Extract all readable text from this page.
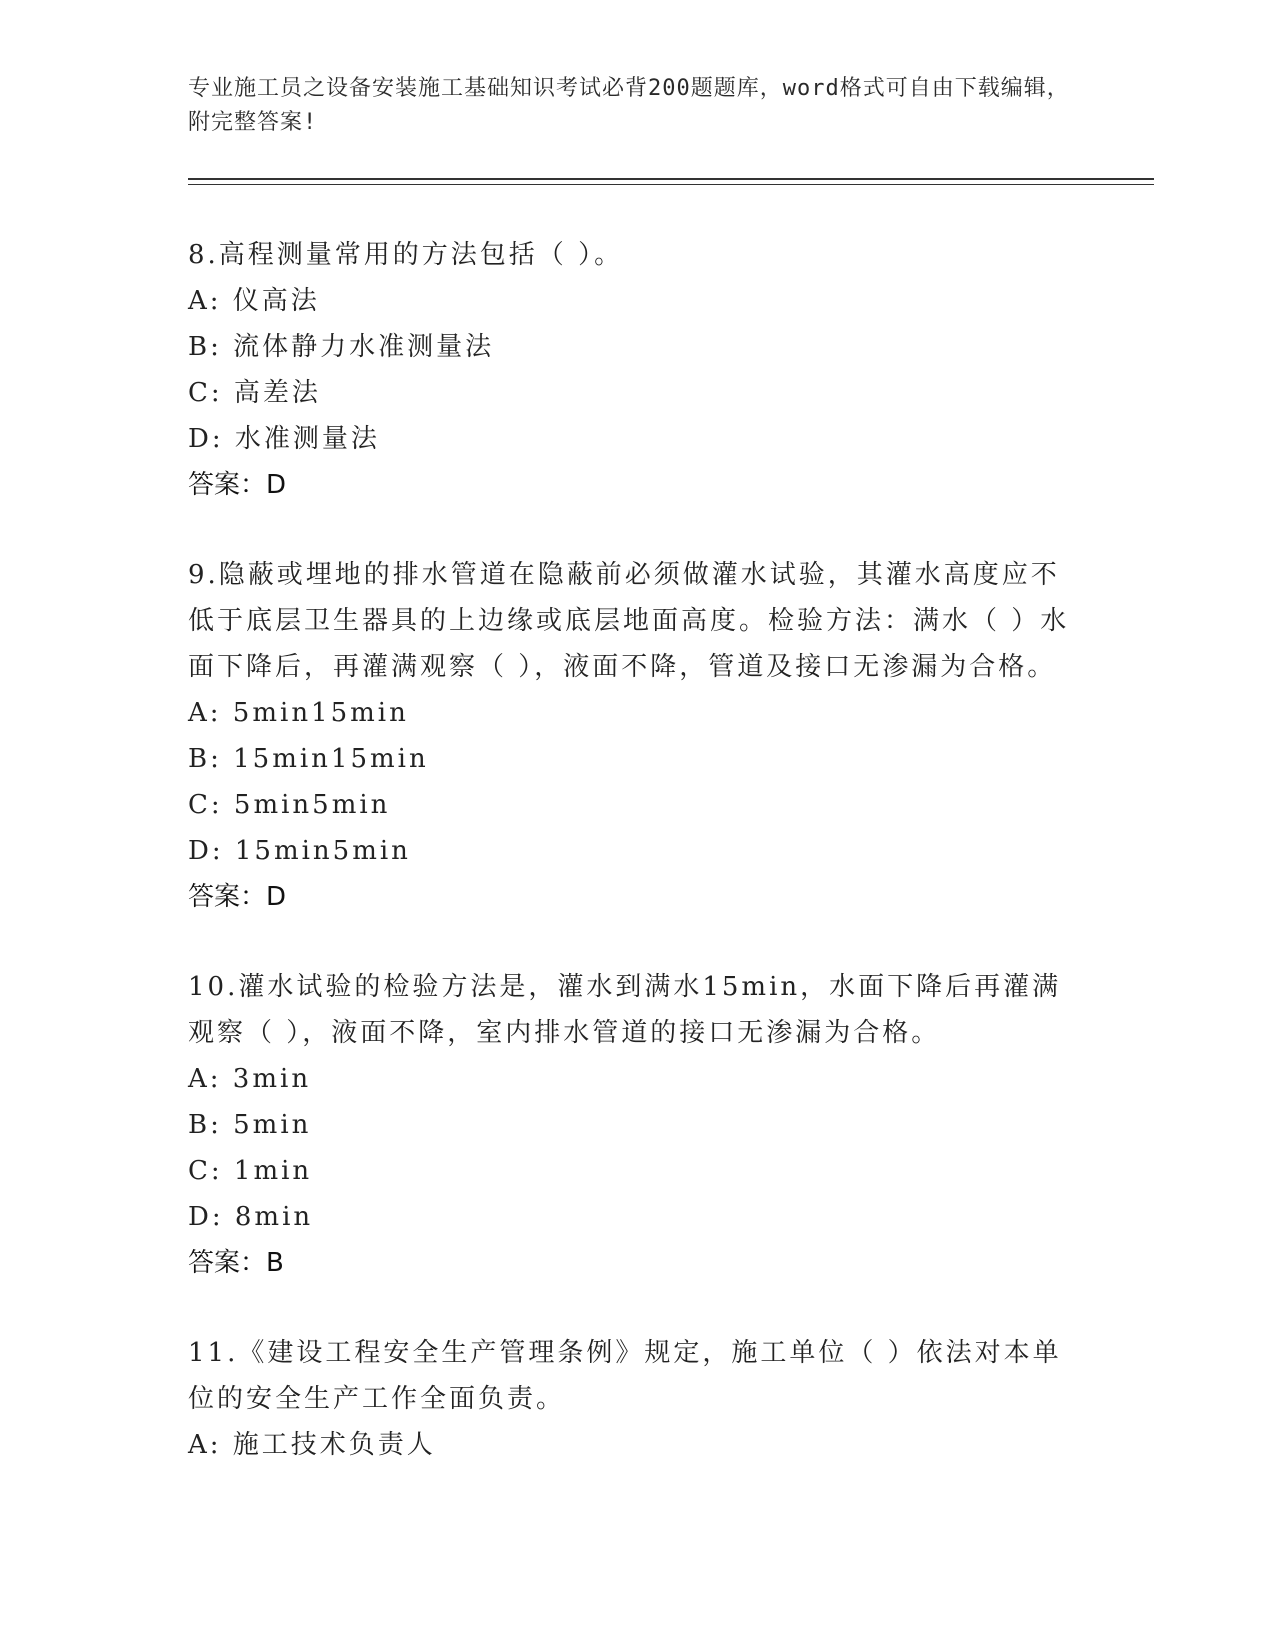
专业施工员之设备安装施工基础知识考试必背200题题库，word格式可自由下载编辑，附完整答案!

8.高程测量常用的方法包括（ ）。

A: 仪高法

B: 流体静力水准测量法

C: 高差法

D: 水准测量法

答案：D

9.隐蔽或埋地的排水管道在隐蔽前必须做灌水试验，其灌水高度应不低于底层卫生器具的上边缘或底层地面高度。检验方法：满水（ ）水面下降后，再灌满观察（ ），液面不降，管道及接口无渗漏为合格。

A: 5min15min

B: 15min15min

C: 5min5min

D: 15min5min

答案：D

10.灌水试验的检验方法是，灌水到满水15min，水面下降后再灌满观察（ ），液面不降，室内排水管道的接口无渗漏为合格。

A: 3min

B: 5min

C: 1min

D: 8min

答案：B

11.《建设工程安全生产管理条例》规定，施工单位（ ）依法对本单位的安全生产工作全面负责。

A: 施工技术负责人
